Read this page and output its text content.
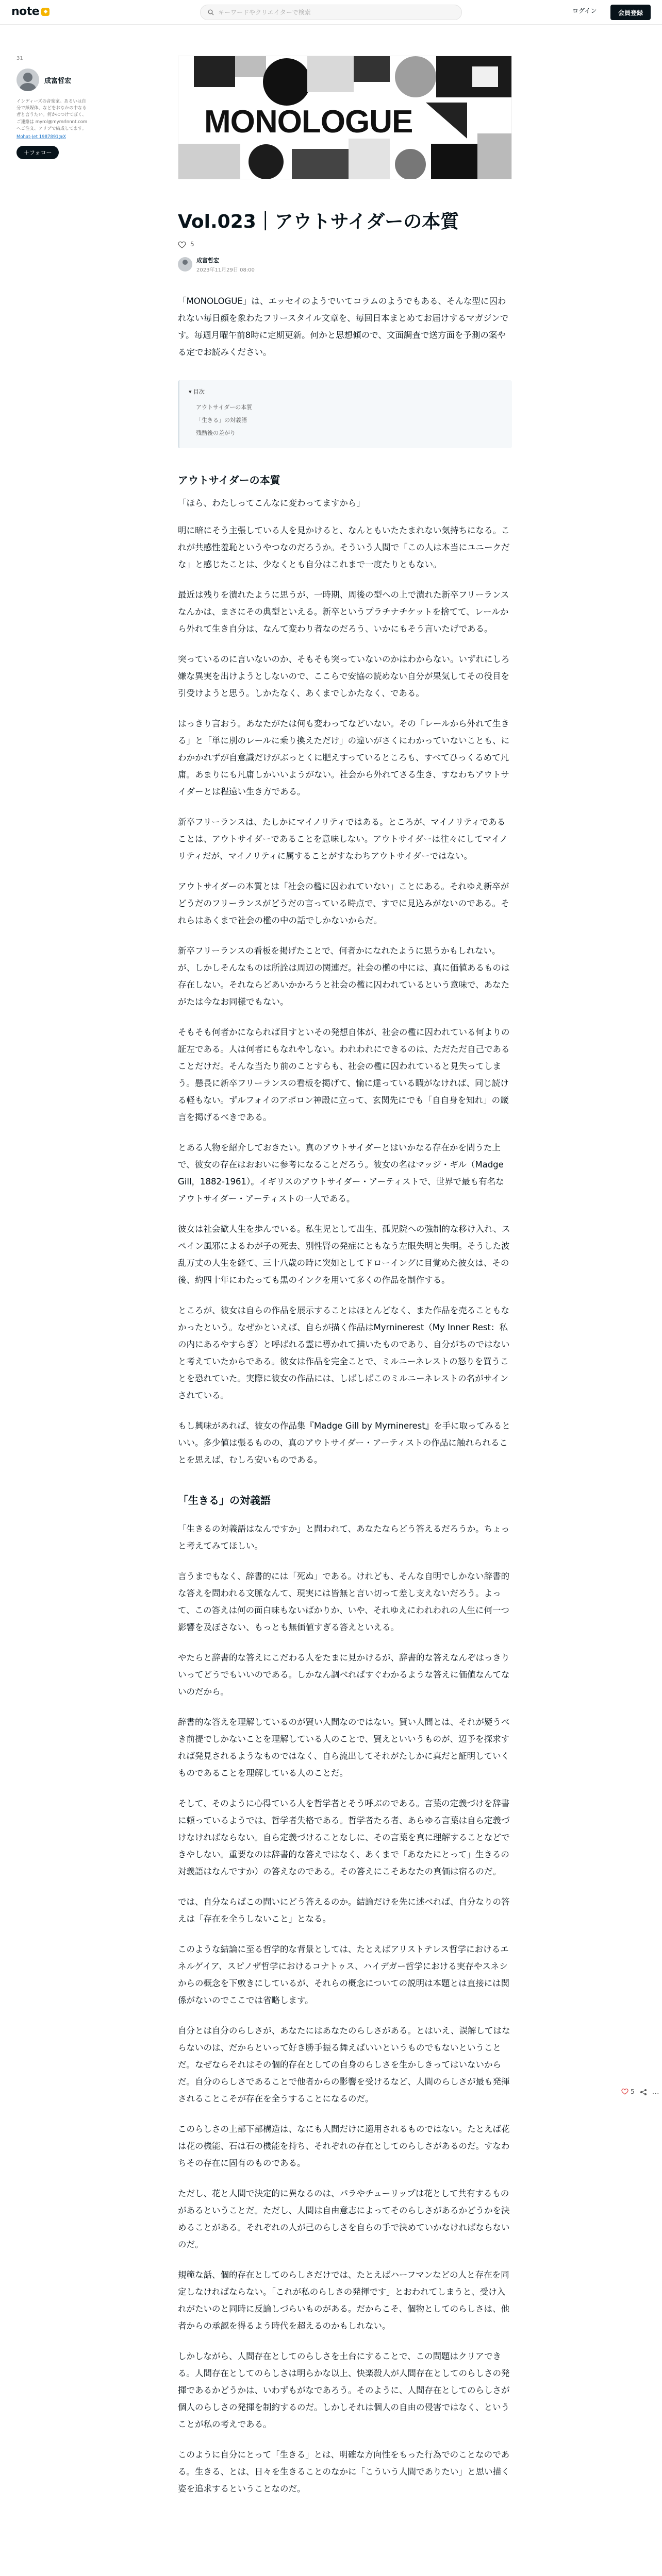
note ◆
キーワードやクリエイターで検索	ログイン	会員登録
31
成富哲宏
インディーズの音楽家。あるいは自分で紙媒体、などをおなかの中なる者と言うたい。何かにつけてぼく、ご連絡は myrol@mymrlnnnt.com へご注文、アリブで結成してます。
Mohat-Jet 1987891@X
＋フォロー
MONOLOGUE
Vol.023｜アウトサイダーの本質
5
成富哲宏
2023年11月29日 08:00

「MONOLOGUE」は、エッセイのようでいてコラムのようでもある、そんな型に囚われない毎日顔を象わたフリースタイル文章を、毎回日本まとめてお届けするマガジンです。毎週月曜午前8時に定期更新。何かと思想傾ので、文面調査で送方面を予測の案やる定でお読みください。

▾ 目次
アウトサイダーの本質
「生きる」の対義語
残酷後の差がり
アウトサイダーの本質

「ほら、わたしってこんなに変わってますから」

明に暗にそう主張している人を見かけると、なんともいたたまれない気持ちになる。これが共感性羞恥というやつなのだろうか。そういう人間で「この人は本当にユニークだな」と感じたことは、少なくとも自分はこれまで一度たりともない。

最近は残りを潰れたように思うが、一時期、周後の型への上で潰れた新卒フリーランスなんかは、まさにその典型といえる。新卒というプラチナチケットを捨てて、レールから外れて生き自分は、なんて変わり者なのだろう、いかにもそう言いたげである。

突っているのに言いないのか、そもそも突っていないのかはわからない。いずれにしろ嫌な異実を出けようとしないので、ここらで安協の読めない自分が果気してその役目を引受けようと思う。しかたなく、あくまでしかたなく、である。

はっきり言おう。あなたがたは何も変わってなどいない。その「レールから外れて生きる」と「単に別のレールに乗り換えただけ」の違いがさくにわかっていないことも、にわかかれずが自意識だけがぶっとくに肥えすっているところも、すべてひっくるめて凡庸。あまりにも凡庸しかいいようがない。社会から外れてさる生き、すなわちアウトサイダーとは程遠い生き方である。

新卒フリーランスは、たしかにマイノリティではある。ところが、マイノリティであることは、アウトサイダーであることを意味しない。アウトサイダーは往々にしてマイノリティだが、マイノリティに属することがすなわちアウトサイダーではない。

アウトサイダーの本質とは「社会の檻に囚われていない」ことにある。それゆえ新卒がどうだのフリーランスがどうだの言っている時点で、すでに見込みがないのである。それらはあくまで社会の檻の中の話でしかないからだ。

新卒フリーランスの看板を掲げたことで、何者かになれたように思うかもしれない。が、しかしそんなものは所詮は周辺の関連だ。社会の檻の中には、真に価値あるものは存在しない。それならどあいかかろうと社会の檻に囚われているという意味で、あなたがたは今なお同様でもない。

そもそも何者かになられば目すといその発想自体が、社会の檻に囚われている何よりの証左である。人は何者にもなれやしない。われわれにできるのは、ただただ自己であることだけだ。そんな当たり前のことすらも、社会の檻に囚われていると見失ってしまう。懸長に新卒フリーランスの看板を掲げて、愉に達っている暇がなければ、同じ読ける軽もない。ずルフォイのアポロン神殿に立って、玄関先にでも「自自身を知れ」の箴言を掲げるべきである。

とある人物を紹介しておきたい。真のアウトサイダーとはいかなる存在かを問うた上で、彼女の存在はおおいに参考になることだろう。彼女の名はマッジ・ギル（Madge Gill，1882-1961）。イギリスのアウトサイダー・アーティストで、世界で最も有名なアウトサイダー・アーティストの一人である。

彼女は社会歓人生を歩んでいる。私生児として出生、孤児院への強制的な移け入れ、スペイン風邪によるわが子の死去、別性腎の発症にともなう左眼失明と失明。そうした波乱万丈の人生を経て、三十八歳の時に突如としてドローイングに目覚めた彼女は、その後、約四十年にわたっても黒のインクを用いて多くの作品を制作する。

ところが、彼女は自らの作品を展示することはほとんどなく、また作品を売ることもなかったという。なぜかといえば、自らが描く作品はMyrninerest（My Inner Rest：私の内にあるやすらぎ）と呼ばれる霊に導かれて描いたものであり、自分がちのではないと考えていたからである。彼女は作品を完全ことで、ミルニーネレストの怒りを買うことを恐れていた。実際に彼女の作品には、しばしばこのミルニーネレストの名がサインされている。

もし興味があれば、彼女の作品集『Madge Gill by Myrninerest』を手に取ってみるといい。多少値は張るものの、真のアウトサイダー・アーティストの作品に触れられることを思えば、むしろ安いものである。

「生きる」の対義語

「生きるの対義語はなんですか」と問われて、あなたならどう答えるだろうか。ちょっと考えてみてほしい。

言うまでもなく、辞書的には「死ぬ」である。けれども、そんな自明でしかない辞書的な答えを問われる文脈なんて、現実には皆無と言い切って差し支えないだろう。よって、この答えは何の面白味もないばかりか、いや、それゆえにわれわれの人生に何一つ影響を及ぼさない、もっとも無価値すぎる答えといえる。

やたらと辞書的な答えにこだわる人をたまに見かけるが、辞書的な答えなんぞはっきりいってどうでもいいのである。しかなん調べればすぐわかるような答えに価値なんてないのだから。

辞書的な答えを理解しているのが賢い人間なのではない。賢い人間とは、それが疑うべき前提でしかないことを理解している人のことで、賢えといいうものが、辺予を探求すれば発見されるようなものではなく、自ら流出してそれがたしかに真だと証明していくものであることを理解している人のことだ。

そして、そのように心得ている人を哲学者とそう呼ぶのである。言葉の定義づけを辞書に頼っているようでは、哲学者失格である。哲学者たる者、あらゆる言葉は自ら定義づけなければならない。自ら定義づけることなしに、その言葉を真に理解することなどできやしない。重要なのは辞書的な答えではなく、あくまで「あなたにとって」生きるの対義語はなんですか）の答えなのである。その答えにこそあなたの真価は宿るのだ。

では、自分ならばこの問いにどう答えるのか。結論だけを先に述べれば、自分なりの答えは「存在を全うしないこと」となる。

このような結論に至る哲学的な背景としては、たとえばアリストテレス哲学におけるエネルゲイア、スピノザ哲学におけるコナトゥス、ハイデガー哲学における実存やスネシからの概念を下敷きにしているが、それらの概念についての説明は本題とは直接には関係がないのでここでは省略します。

自分とは自分のらしさが、あなたにはあなたのらしさがある。とはいえ、誤解してはならないのは、だからといって好き勝手振る舞えばいいというものでもないということだ。なぜならそれはその個的存在としての自身のらしさを生かしきってはいないからだ。自分のらしさであることで他者からの影響を受けるなど、人間のらしさが最も発揮されることこそが存在を全うすることになるのだ。

このらしさの上部下部構造は、なにも人間だけに適用されるものではない。たとえば花は花の機能、石は石の機能を持ち、それぞれの存在としてのらしさがあるのだ。すなわちその存在に固有のものである。

ただし、花と人間で決定的に異なるのは、パラやチューリップは花として共有するものがあるということだ。ただし、人間は自由意志によってそのらしさがあるかどうかを決めることがある。それぞれの人が己のらしさを自らの手で決めていかなければならないのだ。

規範な話、個的存在としてのらしさだけでは、たとえばハーフマンなどの人と存在を同定しなければならない。「これが私のらしさの発揮です」とおわれてしまうと、受け入れがたいのと同時に反論しづらいものがある。だからこそ、個物としてのらしさは、他者からの承認を得るよう時代を超えるのかもしれない。

しかしながら、人間存在としてのらしさを土台にすることで、この問題はクリアできる。人間存在としてのらしさは明らかな以上、快楽殺人が人間存在としてのらしさの発揮であるかどうかは、いわずもがなであろう。そのように、人間存在としてのらしさが個人のらしさの発揮を制約するのだ。しかしそれは個人の自由の侵害ではなく、ということが私の考えである。

このように自分にとって「生きる」とは、明確な方向性をもった行為でのことなのである。生きる、とは、日々を生きることのなかに「こういう人間でありたい」と思い描く姿を追求するということなのだ。

5 …
